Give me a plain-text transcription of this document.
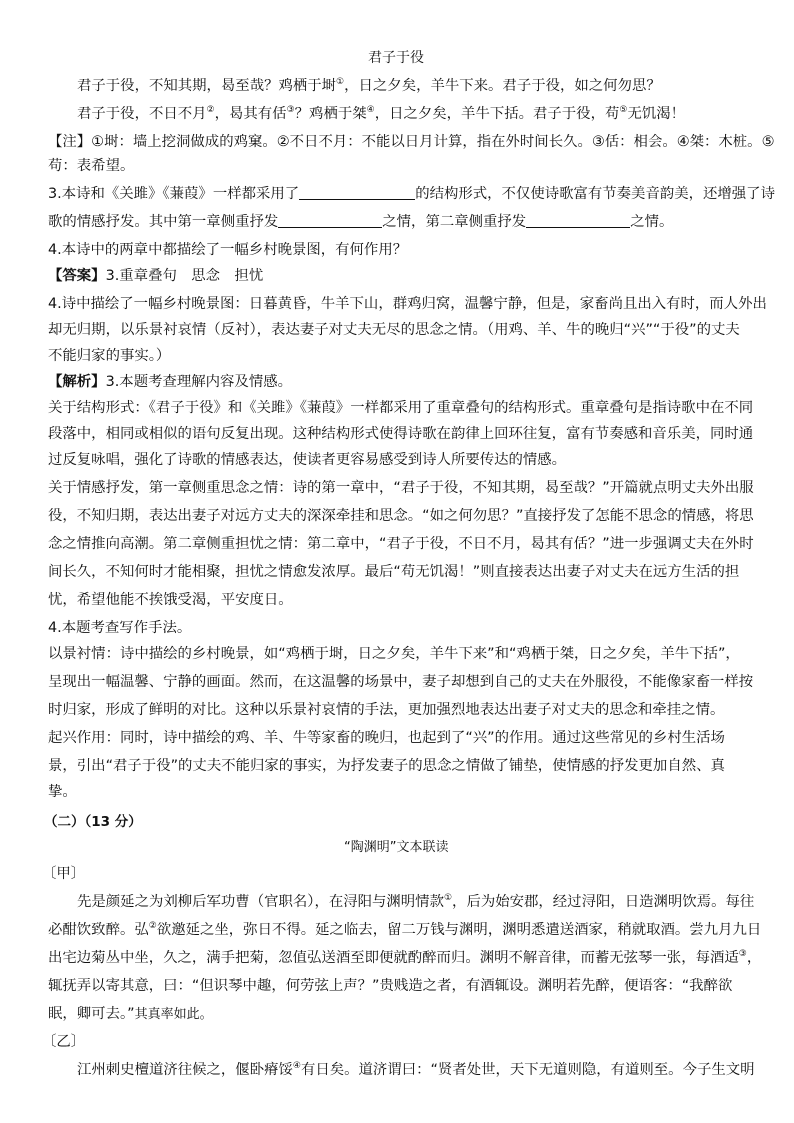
君子于役
君子于役，不知其期，曷至哉？鸡栖于埘①，日之夕矣，羊牛下来。君子于役，如之何勿思？
君子于役，不日不月②，曷其有佸③？鸡栖于桀④，日之夕矣，羊牛下括。君子于役，苟⑤无饥渴！
【注】①埘：墙上挖洞做成的鸡窠。②不日不月：不能以日月计算，指在外时间长久。③佸：相会。④桀：木桩。⑤
苟：表希望。
3.本诗和《关雎》《蒹葭》一样都采用了	的结构形式，不仅使诗歌富有节奏美音韵美，还增强了诗
歌的情感抒发。其中第一章侧重抒发	之情，第二章侧重抒发	之情。
4.本诗中的两章中都描绘了一幅乡村晚景图，有何作用？
【答案】3.重章叠句　思念　担忧
4.诗中描绘了一幅乡村晚景图：日暮黄昏，牛羊下山，群鸡归窝，温馨宁静，但是，家畜尚且出入有时，而人外出
却无归期，以乐景衬哀情（反衬），表达妻子对丈夫无尽的思念之情。（用鸡、羊、牛的晚归“兴”“于役”的丈夫
不能归家的事实。）
【解析】3.本题考查理解内容及情感。
关于结构形式：《君子于役》和《关雎》《蒹葭》一样都采用了重章叠句的结构形式。重章叠句是指诗歌中在不同
段落中，相同或相似的语句反复出现。这种结构形式使得诗歌在韵律上回环往复，富有节奏感和音乐美，同时通
过反复咏唱，强化了诗歌的情感表达，使读者更容易感受到诗人所要传达的情感。
关于情感抒发，第一章侧重思念之情：诗的第一章中，“君子于役，不知其期，曷至哉？”开篇就点明丈夫外出服
役，不知归期，表达出妻子对远方丈夫的深深牵挂和思念。“如之何勿思？”直接抒发了怎能不思念的情感，将思
念之情推向高潮。第二章侧重担忧之情：第二章中，“君子于役，不日不月，曷其有佸？”进一步强调丈夫在外时
间长久，不知何时才能相聚，担忧之情愈发浓厚。最后“苟无饥渴！”则直接表达出妻子对丈夫在远方生活的担
忧，希望他能不挨饿受渴，平安度日。
4.本题考查写作手法。
以景衬情：诗中描绘的乡村晚景，如“鸡栖于埘，日之夕矣，羊牛下来”和“鸡栖于桀，日之夕矣，羊牛下括”，
呈现出一幅温馨、宁静的画面。然而，在这温馨的场景中，妻子却想到自己的丈夫在外服役，不能像家畜一样按
时归家，形成了鲜明的对比。这种以乐景衬哀情的手法，更加强烈地表达出妻子对丈夫的思念和牵挂之情。
起兴作用：同时，诗中描绘的鸡、羊、牛等家畜的晚归，也起到了“兴”的作用。通过这些常见的乡村生活场
景，引出“君子于役”的丈夫不能归家的事实，为抒发妻子的思念之情做了铺垫，使情感的抒发更加自然、真
挚。
（二）（13 分）
“陶渊明”文本联读
〔甲〕
先是颜延之为刘柳后军功曹（官职名），在浔阳与渊明情款①，后为始安郡，经过浔阳，日造渊明饮焉。每往
必酣饮致醉。弘②欲邀延之坐，弥日不得。延之临去，留二万钱与渊明，渊明悉遣送酒家，稍就取酒。尝九月九日
出宅边菊丛中坐，久之，满手把菊，忽值弘送酒至即便就酌醉而归。渊明不解音律，而蓄无弦琴一张，每酒适③，
辄抚弄以寄其意，曰：“但识琴中趣，何劳弦上声？”贵贱造之者，有酒辄设。渊明若先醉，便语客：“我醉欲
眠，卿可去。”其真率如此。
〔乙〕
江州刺史檀道济往候之，偃卧瘠馁④有日矣。道济谓曰：“贤者处世，天下无道则隐，有道则至。今子生文明
